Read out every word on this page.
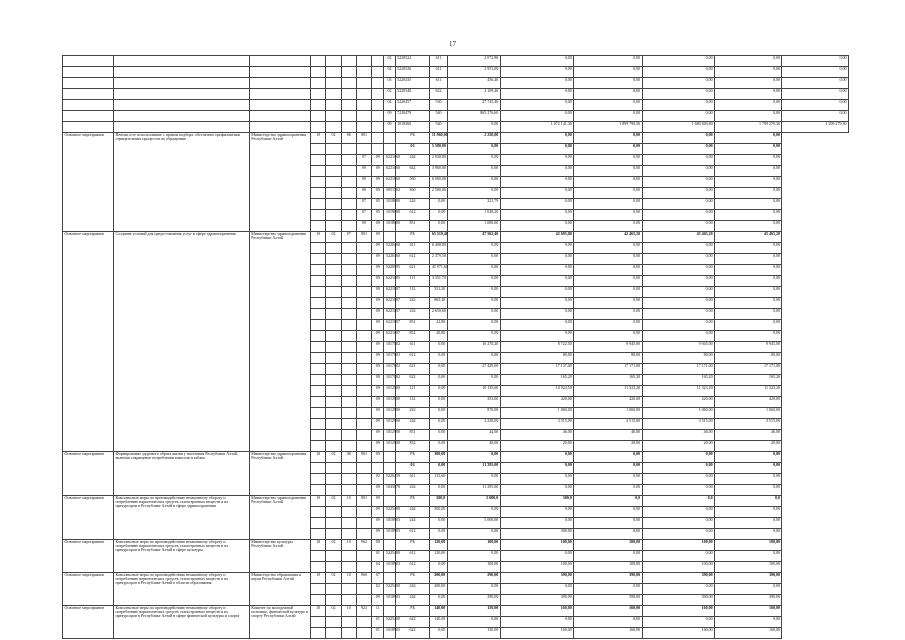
17
								02	5220524	611	2 072,80	0,00	0,00	0,00	0,00	0,00
								02	5220526	611	2 951,00	0,00	0,00	0,00	0,00	0,00
								03	5220435	611	456,46	0,00	0,00	0,00	0,00	0,00
								02	5220540	622	2 109,40	0,00	0,00	0,00	0,00	0,00
								04	5220457	530	27 745,40	0,00	0,00	0,00	0,00	0,00
								09	7220479	540	865 276,60	0,00	0,00	0,00	0,00	0,00
								09	1018360	540	0,00	1 072 141,30	1 899 790,50	1 680 849,80	1 799 279,30	1 299 279,30
Основное мероприятие	Пенсии и ее использование с правом подбора, обеспечено профилактики отрицательных процессов по обращению	Министерство здравоохранения Республики Алтай	10	02	06	901			РБ	11 960,00	2 250,00	0,00	0,00	0,00	0,00	
									ФБ	5 580,00	0,00	0,00	0,00	0,00	0,00	
						07	09	6221060	244	2 830,00	0,00	0,00	0,00	0,00	0,00	
						09	09	6221060	642	3 960,00	0,00	0,00	0,00	0,00	0,00	
						09	09	6221060	560	6 000,00	0,00	0,00	0,00	0,00	0,00	
						06	09	5851702	360	2 500,00	0,00	0,00	0,00	0,00	0,00	
						07	05	1018000	244	0,00	221,79	0,00	0,00	0,00	0,00	
						07	05	1018000	612	0,00	1 028,20	0,00	0,00	0,00	0,00	
						09	09	1018000	851	0,00	1 000,00	0,00	0,00	0,00	0,00	
Основное мероприятие	Создание условий для предоставления услуг в сфере здравоохранения	Министерство здравоохранения Республики Алтай	10	02	07	901	09		РБ	65 510,40	47 562,40	42 695,00	42 465,20	45 465,20	45 465,20	
							09	5220460	611	6 400,00	0,00	0,00	0,00	0,00	0,00	
							09	5220460	612	2 379,50	0,00	0,00	0,00	0,00	0,00	
							09	5220595	621	45 971,60	0,00	0,00	0,00	0,00	0,00	
							09	6221005	111	3 351,70	0,00	0,00	0,00	0,00	0,00	
							09	6221007	112	351,20	0,00	0,00	0,00	0,00	0,00	
							09	6221007	242	865,40	0,00	0,00	0,00	0,00	0,00	
							09	6221007	244	2 650,60	0,00	0,00	0,00	0,00	0,00	
							09	6221007	851	22,80	0,00	0,00	0,00	0,00	0,00	
							09	6221007	852	20,80	0,00	0,00	0,00	0,00	0,00	
							09	1017002	611	0,00	10 270,20	8 722,50	9 945,00	9 945,00	9 945,00	
							09	1017003	612	0,00	0,00	80,00	80,00	80,00	80,00	
							09	1017002	621	0,00	27 429,00	17 137,00	17 171,00	17 171,00	17 171,00	
							09	1017002	622	0,00	0,00	165,20	165,20	165,20	165,20	
							09	1012900	111	0,00	10 135,60	10 924,50	11 323,20	11 323,20	11 323,20	
							09	1012900	112	0,00	353,00	420,00	420,00	420,00	420,00	
							09	1012900	242	0,00	870,00	1 060,00	1 060,00	1 060,00	1 060,00	
							09	1012900	244	0,00	2 238,00	3 515,00	3 515,00	3 515,00	3 515,00	
							09	1012900	851	0,00	44,00	46,00	46,00	46,00	46,00	
							09	1012900	852	0,00	40,00	20,00	20,00	20,00	20,00	
Основное мероприятие	Формирование здорового образа жизни у населения Республики Алтай, включая сокращение потребления алкоголя и табака	Министерство здравоохранения Республики Алтай	10	02	08	901	09		РБ	300,00	0,00	0,00	0,00	0,00	0,00	
									ФБ	0,00	11 295,00	0,00	0,00	0,00	0,00	
							02	5220459	611	115,60	0,00	0,00	0,00	0,00	0,00	
							09	1045878	244	0,00	11 295,00	0,00	0,00	0,00	0,00	
Основное мероприятие	Комплексные меры по противодействию незаконному обороту и потреблению наркотических средств, психотропных веществ и их прекурсоров в Республике Алтай в сфере здравоохранения	Министерство здравоохранения Республики Алтай	10	02	10	901	09		РБ	500,0	5 000,0	300,0	0,0	0,0	0,0	
							09	5225400	244	500,00	0,00	0,00	0,00	0,00	0,00	
							09	1018903	244	0,00	5 000,00	0,00	0,00	0,00	0,00	
							09	1018903	612	0,00	0,00	300,00	0,00	0,00	0,00	
Основное мероприятие	Комплексные меры по противодействию незаконному обороту и потреблению наркотических средств, психотропных веществ и их прекурсоров в Республике Алтай в сфере культуры	Министерство культуры Республики Алтай	10	02	10	962	08		РБ	120,00	100,00	100,00	100,00	100,00	100,00	
							01	5225400	612	120,00	0,00	0,00	0,00	0,00	0,00	
							04	1018903	612	0,00	100,00	100,00	100,00	100,00	100,00	
Основное мероприятие	Комплексные меры по противодействию незаконному обороту и потреблению наркотических средств, психотропных веществ и их прекурсоров в Республике Алтай в области образования	Министерство образования и науки Республики Алтай	10	02	10	960	07		РБ	200,00	290,00	390,00	390,00	390,00	390,00	
							02	5225400	244	200,00	0,00	0,00	0,00	0,00	0,00	
							09	1018903	244	0,00	290,00	390,00	390,00	390,00	390,00	
Основное мероприятие	Комплексные меры по противодействию незаконному обороту и потреблению наркотических средств, психотропных веществ и их прекурсоров в Республике Алтай в сфере физической культуры и спорта	Комитет по молодежной политике, физической культуре и спорту Республики Алтай	10	02	10	923	11		РБ	140,00	150,00	160,00	160,00	160,00	160,00	
							01	5225400	622	140,00	0,00	0,00	0,00	0,00	0,00	
							01	1018903	622	0,00	150,00	160,00	160,00	160,00	160,00	
